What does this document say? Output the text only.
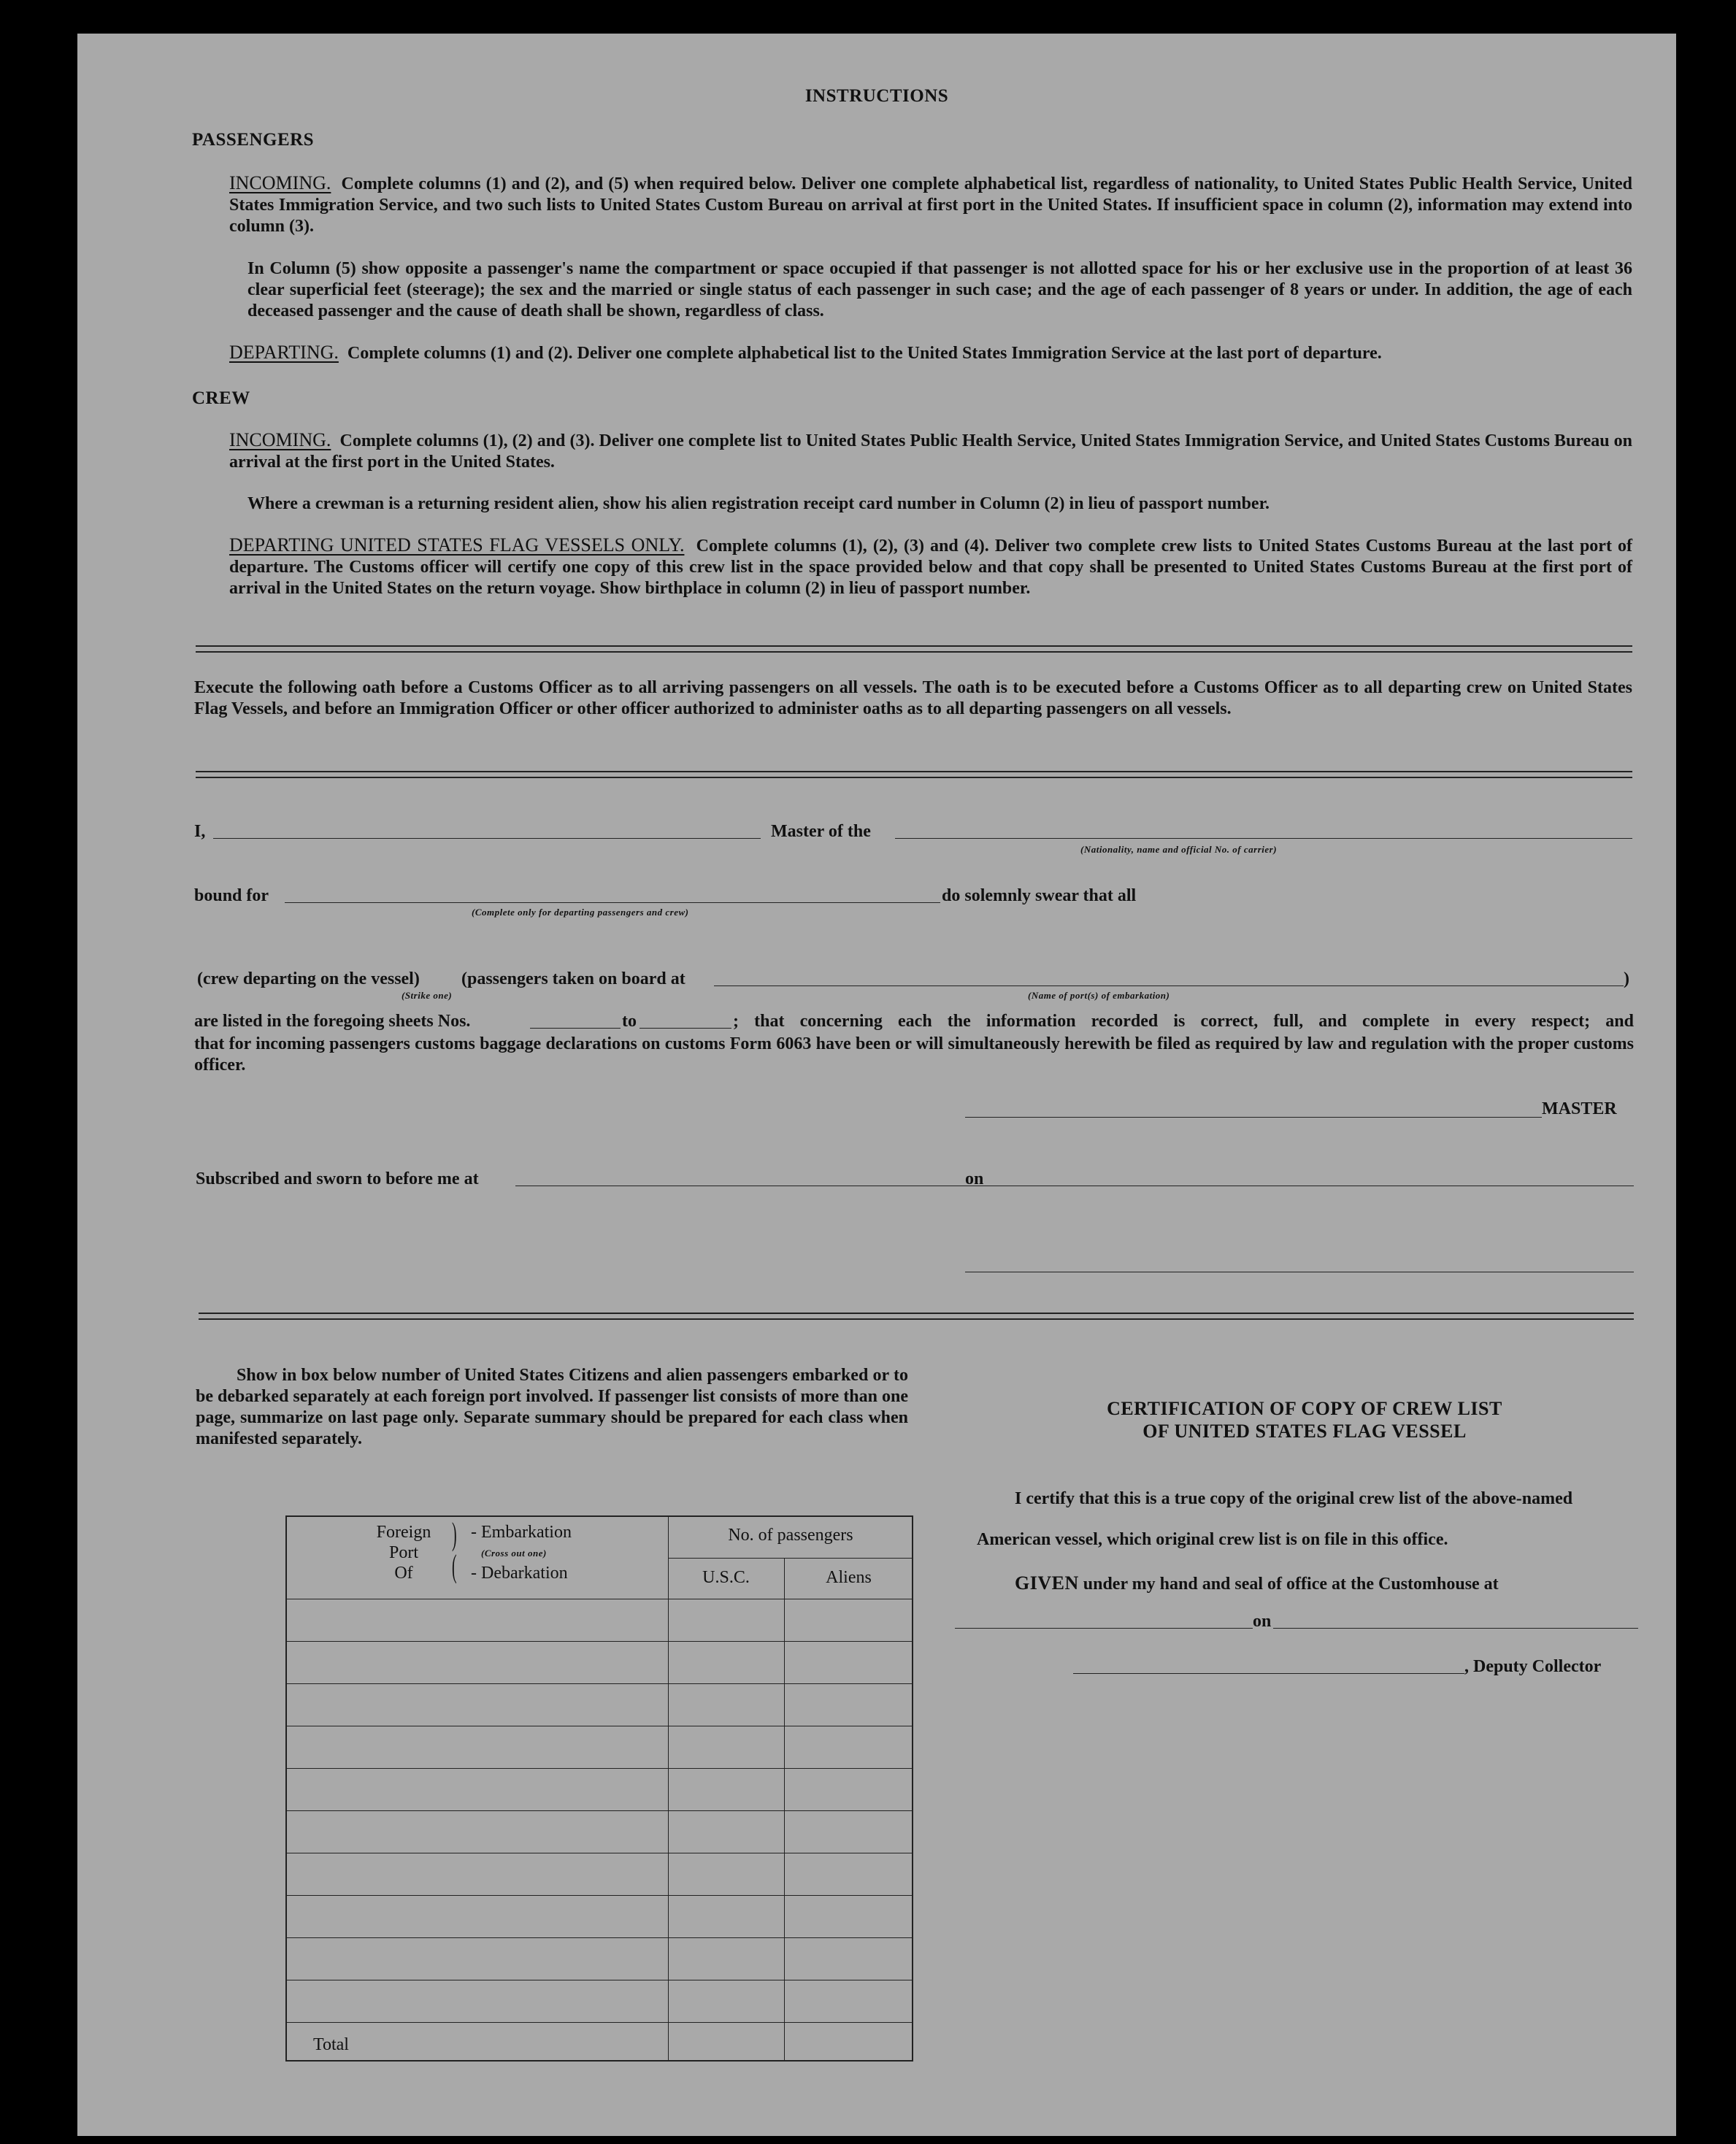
INSTRUCTIONS
PASSENGERS
INCOMING. Complete columns (1) and (2), and (5) when required below. Deliver one complete alphabetical list, regardless of nationality, to United States Public Health Service, United States Immigration Service, and two such lists to United States Custom Bureau on arrival at first port in the United States. If insufficient space in column (2), information may extend into column (3).
In Column (5) show opposite a passenger's name the compartment or space occupied if that passenger is not allotted space for his or her exclusive use in the proportion of at least 36 clear superficial feet (steerage); the sex and the married or single status of each passenger in such case; and the age of each passenger of 8 years or under. In addition, the age of each deceased passenger and the cause of death shall be shown, regardless of class.
DEPARTING. Complete columns (1) and (2). Deliver one complete alphabetical list to the United States Immigration Service at the last port of departure.
CREW
INCOMING. Complete columns (1), (2) and (3). Deliver one complete list to United States Public Health Service, United States Immigration Service, and United States Customs Bureau on arrival at the first port in the United States.
Where a crewman is a returning resident alien, show his alien registration receipt card number in Column (2) in lieu of passport number.
DEPARTING UNITED STATES FLAG VESSELS ONLY. Complete columns (1), (2), (3) and (4). Deliver two complete crew lists to United States Customs Bureau at the last port of departure. The Customs officer will certify one copy of this crew list in the space provided below and that copy shall be presented to United States Customs Bureau at the first port of arrival in the United States on the return voyage. Show birthplace in column (2) in lieu of passport number.
Execute the following oath before a Customs Officer as to all arriving passengers on all vessels. The oath is to be executed before a Customs Officer as to all departing crew on United States Flag Vessels, and before an Immigration Officer or other officer authorized to administer oaths as to all departing passengers on all vessels.
I,	Master of the
(Nationality, name and official No. of carrier)
bound for
(Complete only for departing passengers and crew)
do solemnly swear that all
(crew departing on the vessel) (passengers taken on board at	)
(Strike one)	(Name of port(s) of embarkation)
are listed in the foregoing sheets Nos.	to	; that concerning each the information recorded is correct, full, and complete in every respect; and
that for incoming passengers customs baggage declarations on customs Form 6063 have been or will simultaneously herewith be filed as required by law and regulation with the proper customs officer.
MASTER
Subscribed and sworn to before me at	on
Show in box below number of United States Citizens and alien passengers embarked or to be debarked separately at each foreign port involved. If passenger list consists of more than one page, summarize on last page only. Separate summary should be prepared for each class when manifested separately.
Foreign
Port
Of
)
(
- Embarkation
(Cross out one)
- Debarkation
No. of passengers
U.S.C.	Aliens
Total
CERTIFICATION OF COPY OF CREW LIST
OF UNITED STATES FLAG VESSEL
I certify that this is a true copy of the original crew list of the above-named
American vessel, which original crew list is on file in this office.
GIVEN under my hand and seal of office at the Customhouse at
on
, Deputy Collector
